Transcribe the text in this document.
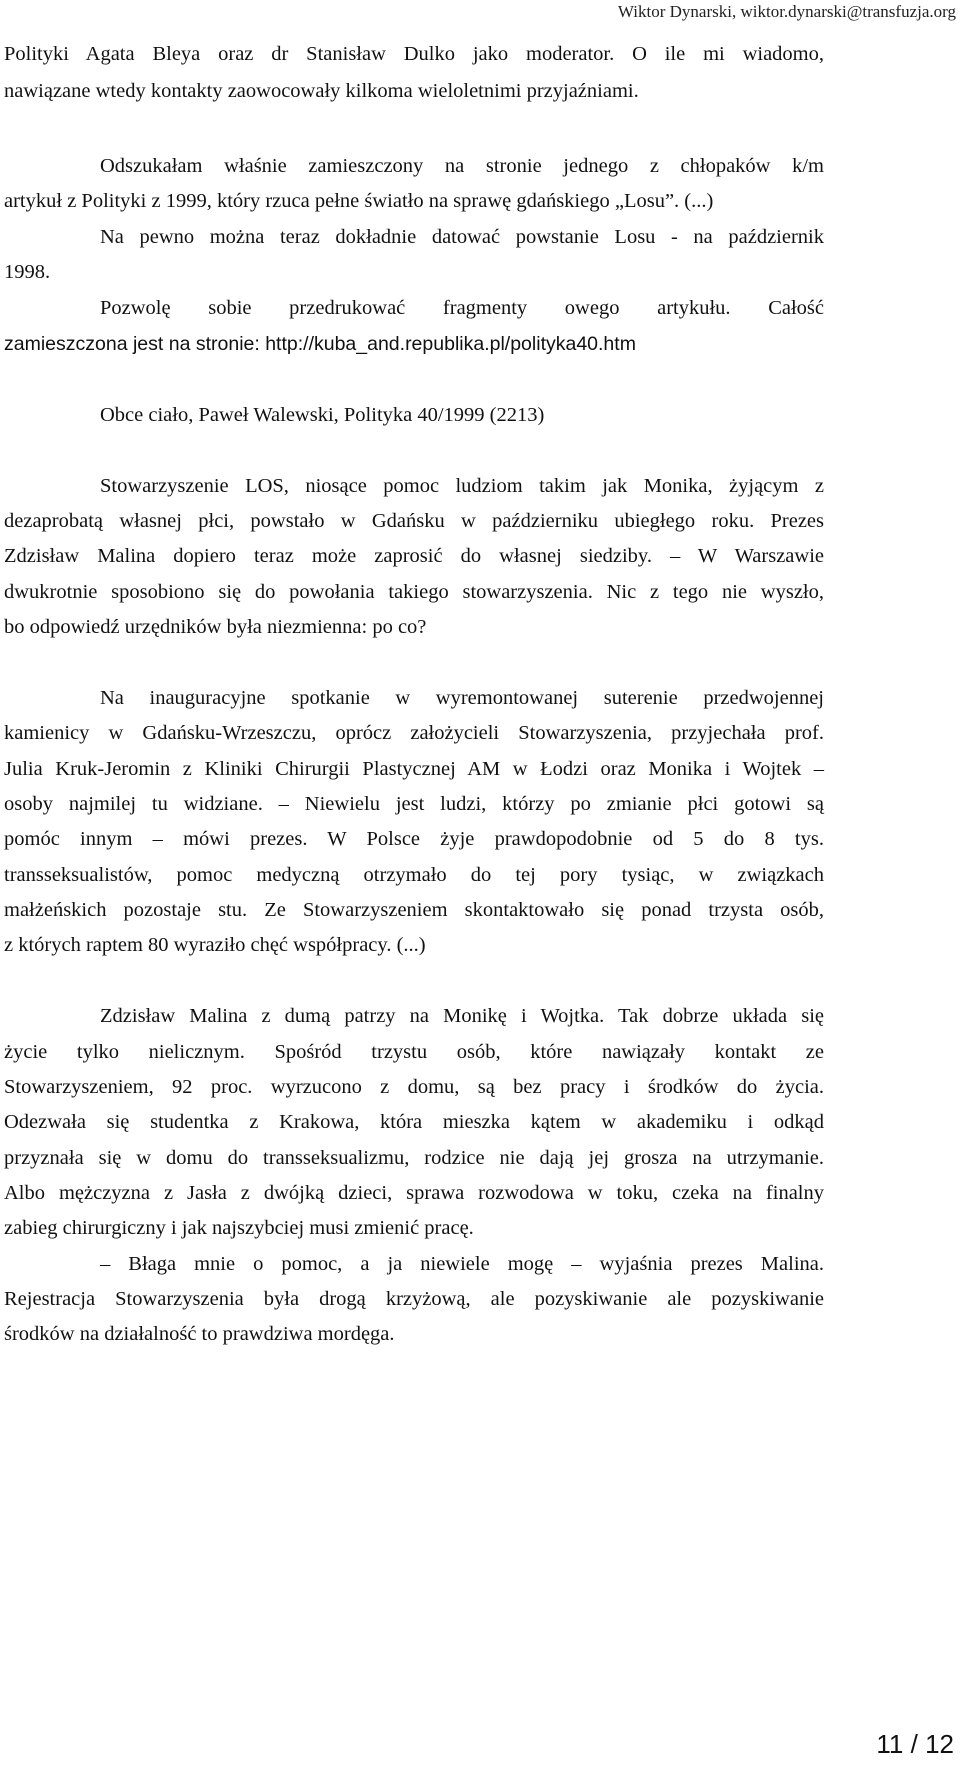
Wiktor Dynarski, wiktor.dynarski@transfuzja.org
Polityki Agata Bleya oraz dr Stanisław Dulko jako moderator. O ile mi wiadomo,
nawiązane wtedy kontakty zaowocowały kilkoma wieloletnimi przyjaźniami.
Odszukałam właśnie zamieszczony na stronie jednego z chłopaków k/m
artykuł z Polityki z 1999, który rzuca pełne światło na sprawę gdańskiego „Losu”. (...)
Na pewno można teraz dokładnie datować powstanie Losu - na październik
1998.
Pozwolę sobie przedrukować fragmenty owego artykułu. Całość
zamieszczona jest na stronie: http://kuba_and.republika.pl/polityka40.htm
Obce ciało, Paweł Walewski, Polityka 40/1999 (2213)
Stowarzyszenie LOS, niosące pomoc ludziom takim jak Monika, żyjącym z
dezaprobatą własnej płci, powstało w Gdańsku w październiku ubiegłego roku. Prezes
Zdzisław Malina dopiero teraz może zaprosić do własnej siedziby. – W Warszawie
dwukrotnie sposobiono się do powołania takiego stowarzyszenia. Nic z tego nie wyszło,
bo odpowiedź urzędników była niezmienna: po co?
Na inauguracyjne spotkanie w wyremontowanej suterenie przedwojennej
kamienicy w Gdańsku-Wrzeszczu, oprócz założycieli Stowarzyszenia, przyjechała prof.
Julia Kruk-Jeromin z Kliniki Chirurgii Plastycznej AM w Łodzi oraz Monika i Wojtek –
osoby najmilej tu widziane. – Niewielu jest ludzi, którzy po zmianie płci gotowi są
pomóc innym – mówi prezes. W Polsce żyje prawdopodobnie od 5 do 8 tys.
transseksualistów, pomoc medyczną otrzymało do tej pory tysiąc, w związkach
małżeńskich pozostaje stu. Ze Stowarzyszeniem skontaktowało się ponad trzysta osób,
z których raptem 80 wyraziło chęć współpracy. (...)
Zdzisław Malina z dumą patrzy na Monikę i Wojtka. Tak dobrze układa się
życie tylko nielicznym. Spośród trzystu osób, które nawiązały kontakt ze
Stowarzyszeniem, 92 proc. wyrzucono z domu, są bez pracy i środków do życia.
Odezwała się studentka z Krakowa, która mieszka kątem w akademiku i odkąd
przyznała się w domu do transseksualizmu, rodzice nie dają jej grosza na utrzymanie.
Albo mężczyzna z Jasła z dwójką dzieci, sprawa rozwodowa w toku, czeka na finalny
zabieg chirurgiczny i jak najszybciej musi zmienić pracę.
– Błaga mnie o pomoc, a ja niewiele mogę – wyjaśnia prezes Malina.
Rejestracja Stowarzyszenia była drogą krzyżową, ale pozyskiwanie ale pozyskiwanie
środków na działalność to prawdziwa mordęga.
11 / 12
